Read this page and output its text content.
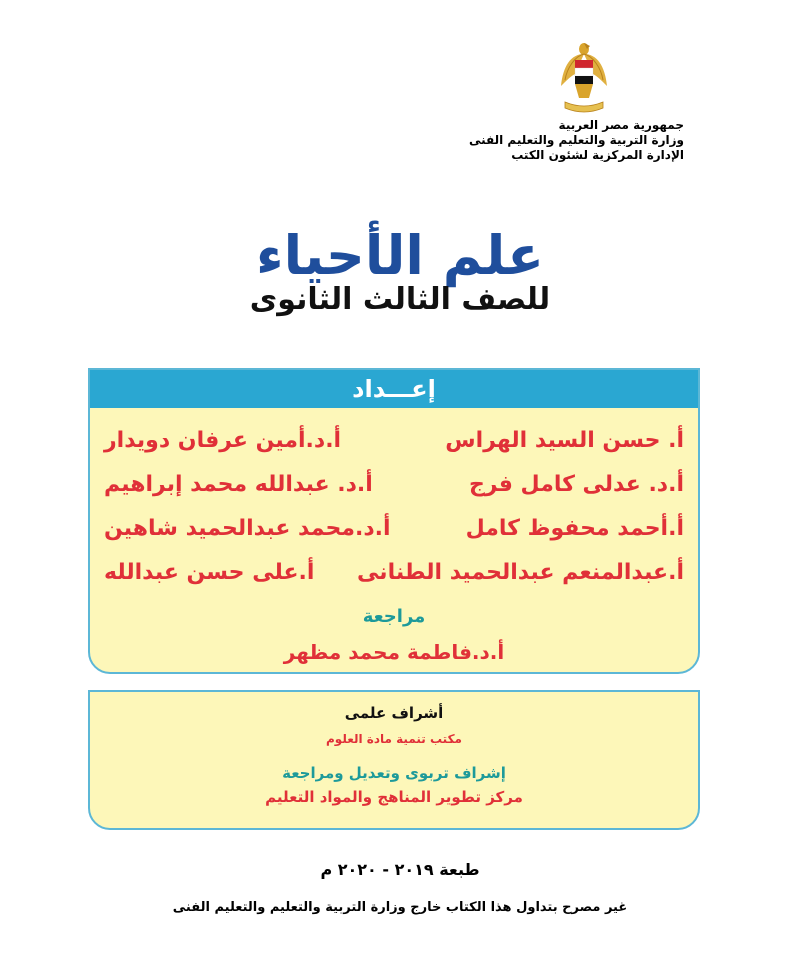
جمهورية مصر العربية
وزارة التربية والتعليم والتعليم الفنى
الإدارة المركزية لشئون الكتب
علم الأحياء
للصف الثالث الثانوى
إعـــداد
أ. حسن السيد الهراس
أ.د.أمين عرفان دويدار
أ.د. عدلى كامل فرج
أ.د. عبدالله محمد إبراهيم
أ.أحمد محفوظ كامل
أ.د.محمد عبدالحميد شاهين
أ.عبدالمنعم عبدالحميد الطنانى
أ.على حسن عبدالله
مراجعة
أ.د.فاطمة محمد مظهر
أشراف علمى
مكتب تنمية مادة العلوم
إشراف تربوى وتعديل ومراجعة
مركز تطوير المناهج والمواد التعليم
طبعة ٢٠١٩ - ٢٠٢٠ م
غير مصرح بتداول هذا الكتاب خارج وزارة التربية والتعليم والتعليم الفنى
